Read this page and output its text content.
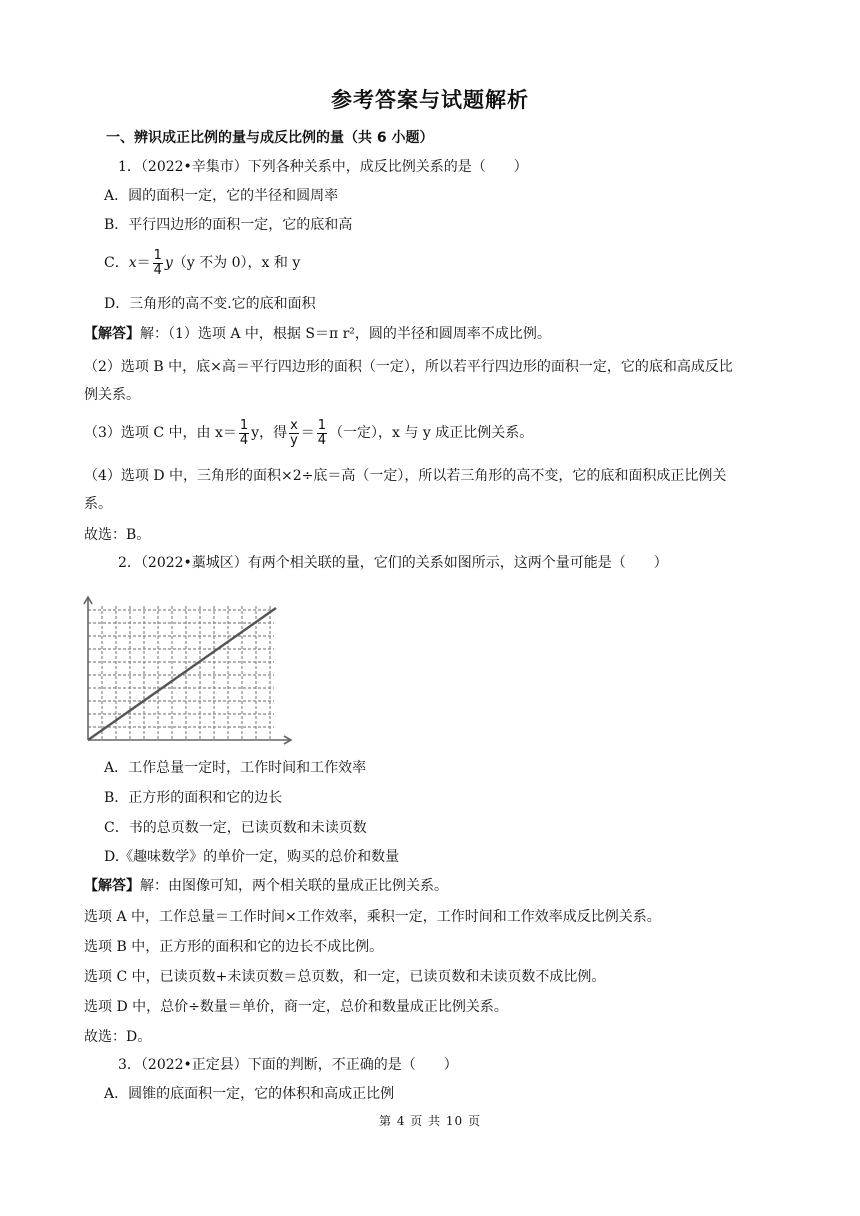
参考答案与试题解析
一、辨识成正比例的量与成反比例的量（共 6 小题）
1．（2022•辛集市）下列各种关系中，成反比例关系的是（　　）
A．圆的面积一定，它的半径和圆周率
B．平行四边形的面积一定，它的底和高
C．$x= \frac{1}{4} y(y$ 不为 0），x 和 y
D．三角形的高不变.它的底和面积
【解答】解：（1）选项 A 中，根据 S＝π r²，圆的半径和圆周率不成比例。
（2）选项 B 中，底×高＝平行四边形的面积（一定），所以若平行四边形的面积一定，它的底和高成反比
例关系。
（3）选项 C 中，由 $x= \frac{1}{4}$ y，得 $\frac{x}{y} = \frac{1}{4}$ （一定），x 与 y 成正比例关系。
（4）选项 D 中，三角形的面积×2÷底＝高（一定），所以若三角形的高不变，它的底和面积成正比例关
系。
故选：B。
2．（2022•藁城区）有两个相关联的量，它们的关系如图所示，这两个量可能是（　　）
A．工作总量一定时，工作时间和工作效率
B．正方形的面积和它的边长
C．书的总页数一定，已读页数和未读页数
D.《趣味数学》的单价一定，购买的总价和数量
【解答】解：由图像可知，两个相关联的量成正比例关系。
选项 A 中，工作总量＝工作时间×工作效率，乘积一定，工作时间和工作效率成反比例关系。
选项 B 中，正方形的面积和它的边长不成比例。
选项 C 中，已读页数+未读页数＝总页数，和一定，已读页数和未读页数不成比例。
选项 D 中，总价÷数量＝单价，商一定，总价和数量成正比例关系。
故选：D。
3．（2022•正定县）下面的判断，不正确的是（　　）
A．圆锥的底面积一定，它的体积和高成正比例
第 4 页 共 10 页
